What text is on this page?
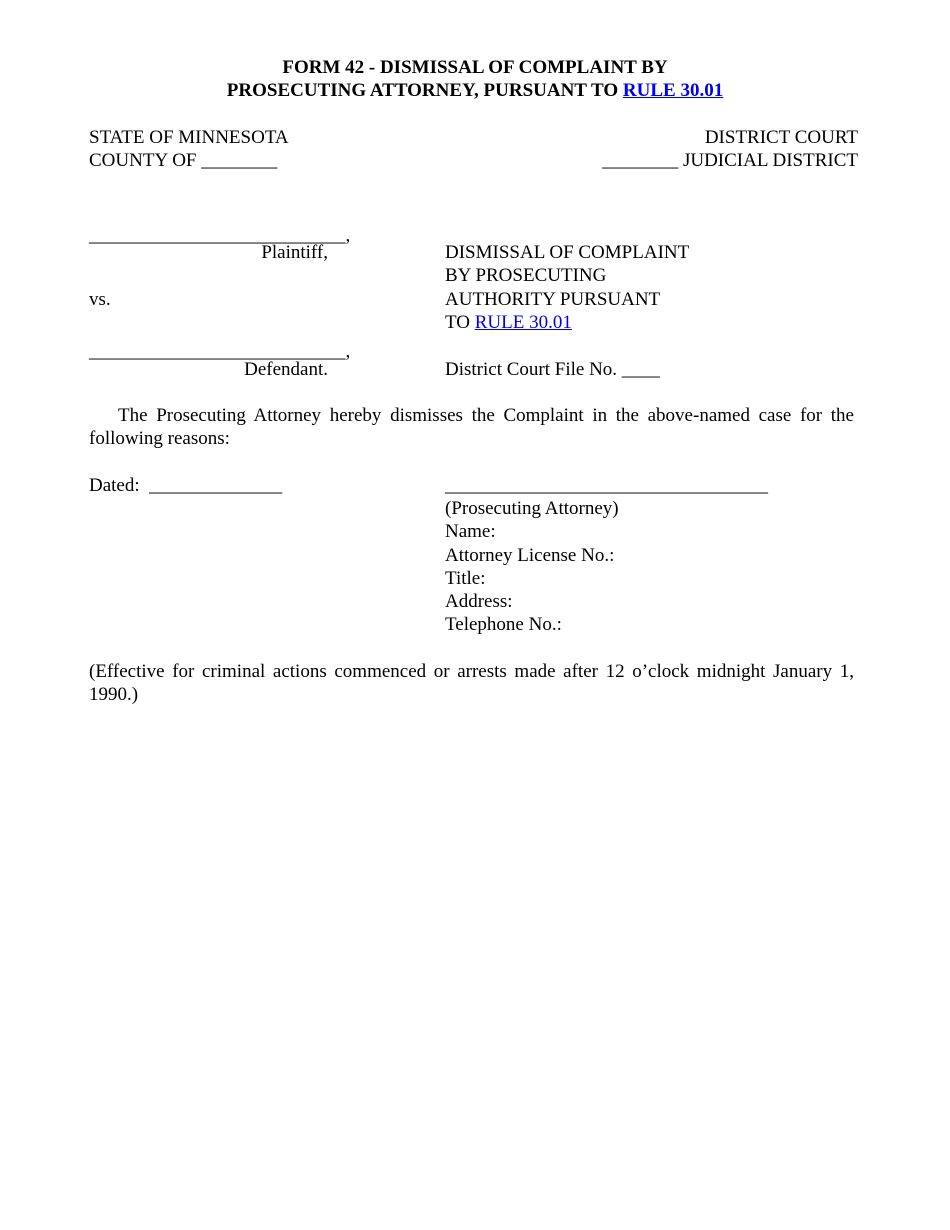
FORM 42 - DISMISSAL OF COMPLAINT BY
PROSECUTING ATTORNEY, PURSUANT TO RULE 30.01
STATE OF MINNESOTA
COUNTY OF ________
DISTRICT COURT
________ JUDICIAL DISTRICT
___________________________,
Plaintiff,
vs.
___________________________,
Defendant.
DISMISSAL OF COMPLAINT
BY PROSECUTING
AUTHORITY PURSUANT
TO RULE 30.01
District Court File No. ____
The Prosecuting Attorney hereby dismisses the Complaint in the above-named case for the following reasons:
Dated: ______________	__________________________________
(Prosecuting Attorney)
Name:
Attorney License No.:
Title:
Address:
Telephone No.:
(Effective for criminal actions commenced or arrests made after 12 o’clock midnight January 1, 1990.)
